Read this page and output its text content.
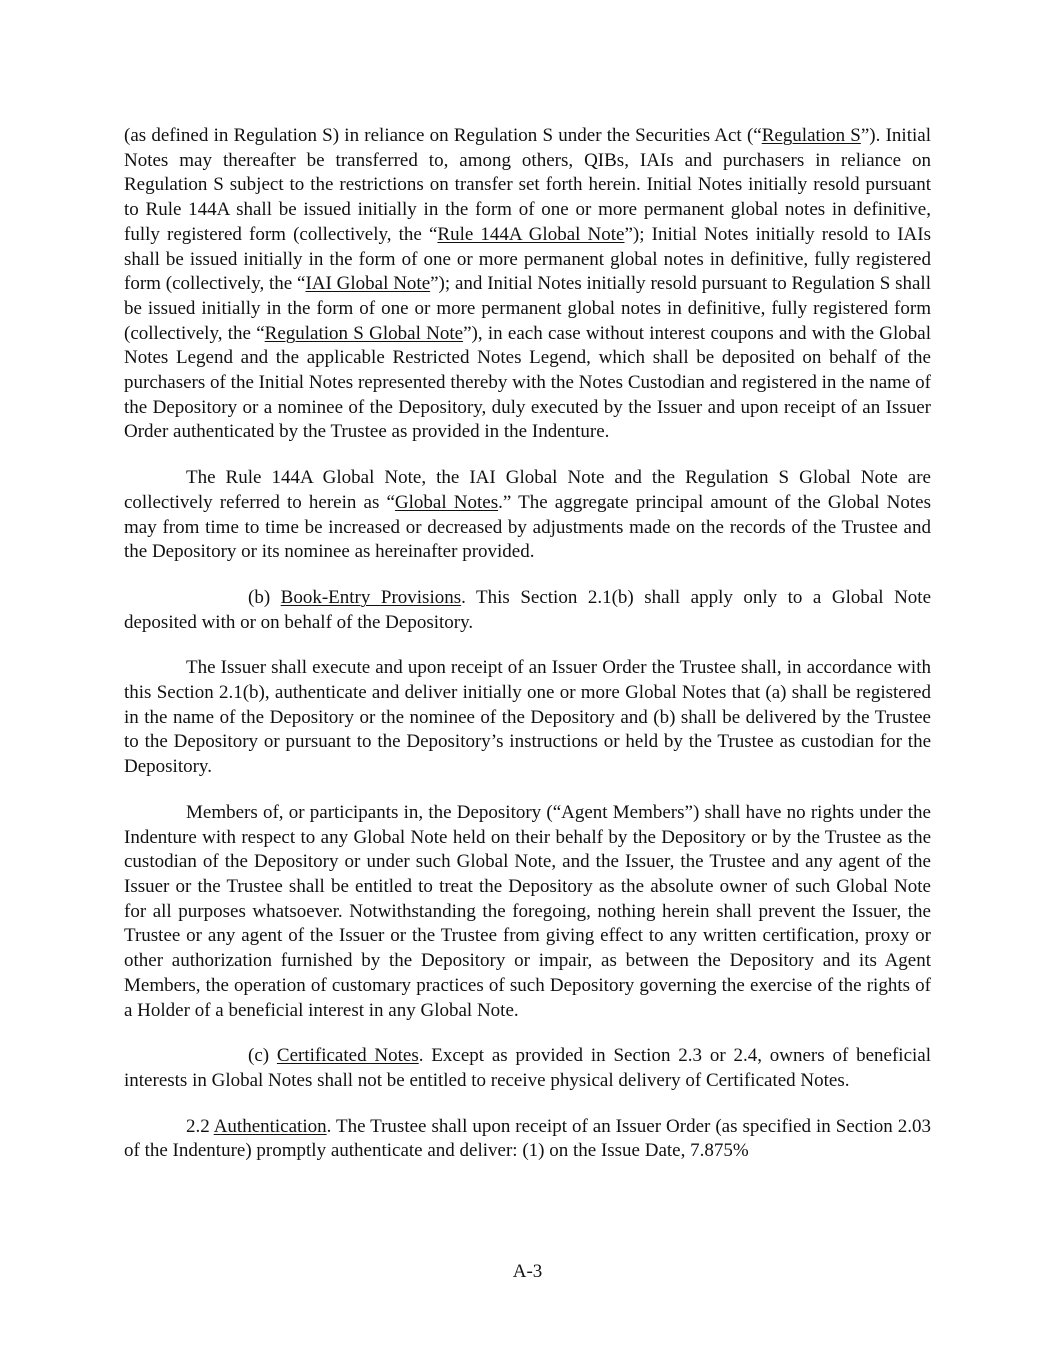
(as defined in Regulation S) in reliance on Regulation S under the Securities Act (“Regulation S”). Initial Notes may thereafter be transferred to, among others, QIBs, IAIs and purchasers in reliance on Regulation S subject to the restrictions on transfer set forth herein. Initial Notes initially resold pursuant to Rule 144A shall be issued initially in the form of one or more permanent global notes in definitive, fully registered form (collectively, the “Rule 144A Global Note”); Initial Notes initially resold to IAIs shall be issued initially in the form of one or more permanent global notes in definitive, fully registered form (collectively, the “IAI Global Note”); and Initial Notes initially resold pursuant to Regulation S shall be issued initially in the form of one or more permanent global notes in definitive, fully registered form (collectively, the “Regulation S Global Note”), in each case without interest coupons and with the Global Notes Legend and the applicable Restricted Notes Legend, which shall be deposited on behalf of the purchasers of the Initial Notes represented thereby with the Notes Custodian and registered in the name of the Depository or a nominee of the Depository, duly executed by the Issuer and upon receipt of an Issuer Order authenticated by the Trustee as provided in the Indenture.

The Rule 144A Global Note, the IAI Global Note and the Regulation S Global Note are collectively referred to herein as “Global Notes.” The aggregate principal amount of the Global Notes may from time to time be increased or decreased by adjustments made on the records of the Trustee and the Depository or its nominee as hereinafter provided.

(b) Book-Entry Provisions. This Section 2.1(b) shall apply only to a Global Note deposited with or on behalf of the Depository.

The Issuer shall execute and upon receipt of an Issuer Order the Trustee shall, in accordance with this Section 2.1(b), authenticate and deliver initially one or more Global Notes that (a) shall be registered in the name of the Depository or the nominee of the Depository and (b) shall be delivered by the Trustee to the Depository or pursuant to the Depository’s instructions or held by the Trustee as custodian for the Depository.

Members of, or participants in, the Depository (“Agent Members”) shall have no rights under the Indenture with respect to any Global Note held on their behalf by the Depository or by the Trustee as the custodian of the Depository or under such Global Note, and the Issuer, the Trustee and any agent of the Issuer or the Trustee shall be entitled to treat the Depository as the absolute owner of such Global Note for all purposes whatsoever. Notwithstanding the foregoing, nothing herein shall prevent the Issuer, the Trustee or any agent of the Issuer or the Trustee from giving effect to any written certification, proxy or other authorization furnished by the Depository or impair, as between the Depository and its Agent Members, the operation of customary practices of such Depository governing the exercise of the rights of a Holder of a beneficial interest in any Global Note.

(c) Certificated Notes. Except as provided in Section 2.3 or 2.4, owners of beneficial interests in Global Notes shall not be entitled to receive physical delivery of Certificated Notes.

2.2 Authentication. The Trustee shall upon receipt of an Issuer Order (as specified in Section 2.03 of the Indenture) promptly authenticate and deliver: (1) on the Issue Date, 7.875%

A-3
